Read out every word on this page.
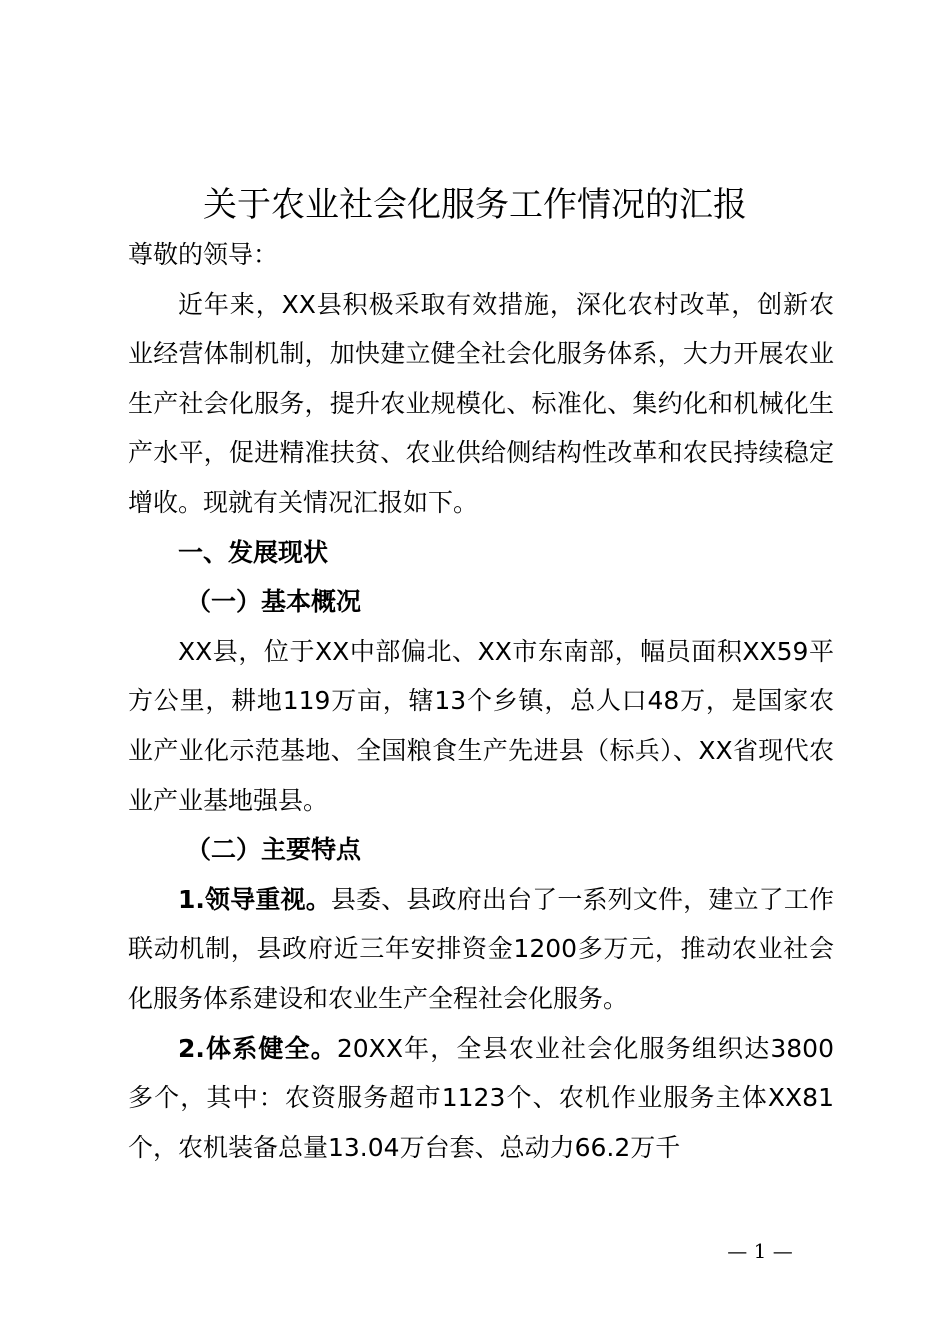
关于农业社会化服务工作情况的汇报

尊敬的领导：

近年来，XX县积极采取有效措施，深化农村改革，创新农业经营体制机制，加快建立健全社会化服务体系，大力开展农业生产社会化服务，提升农业规模化、标准化、集约化和机械化生产水平，促进精准扶贫、农业供给侧结构性改革和农民持续稳定增收。现就有关情况汇报如下。

一、发展现状

（一）基本概况

XX县，位于XX中部偏北、XX市东南部，幅员面积XX59平方公里，耕地119万亩，辖13个乡镇，总人口48万，是国家农业产业化示范基地、全国粮食生产先进县（标兵）、XX省现代农业产业基地强县。

（二）主要特点

1.领导重视。县委、县政府出台了一系列文件，建立了工作联动机制，县政府近三年安排资金1200多万元，推动农业社会化服务体系建设和农业生产全程社会化服务。

2.体系健全。20XX年，全县农业社会化服务组织达3800多个，其中：农资服务超市1123个、农机作业服务主体XX81个，农机装备总量13.04万台套、总动力66.2万千

— 1 —
